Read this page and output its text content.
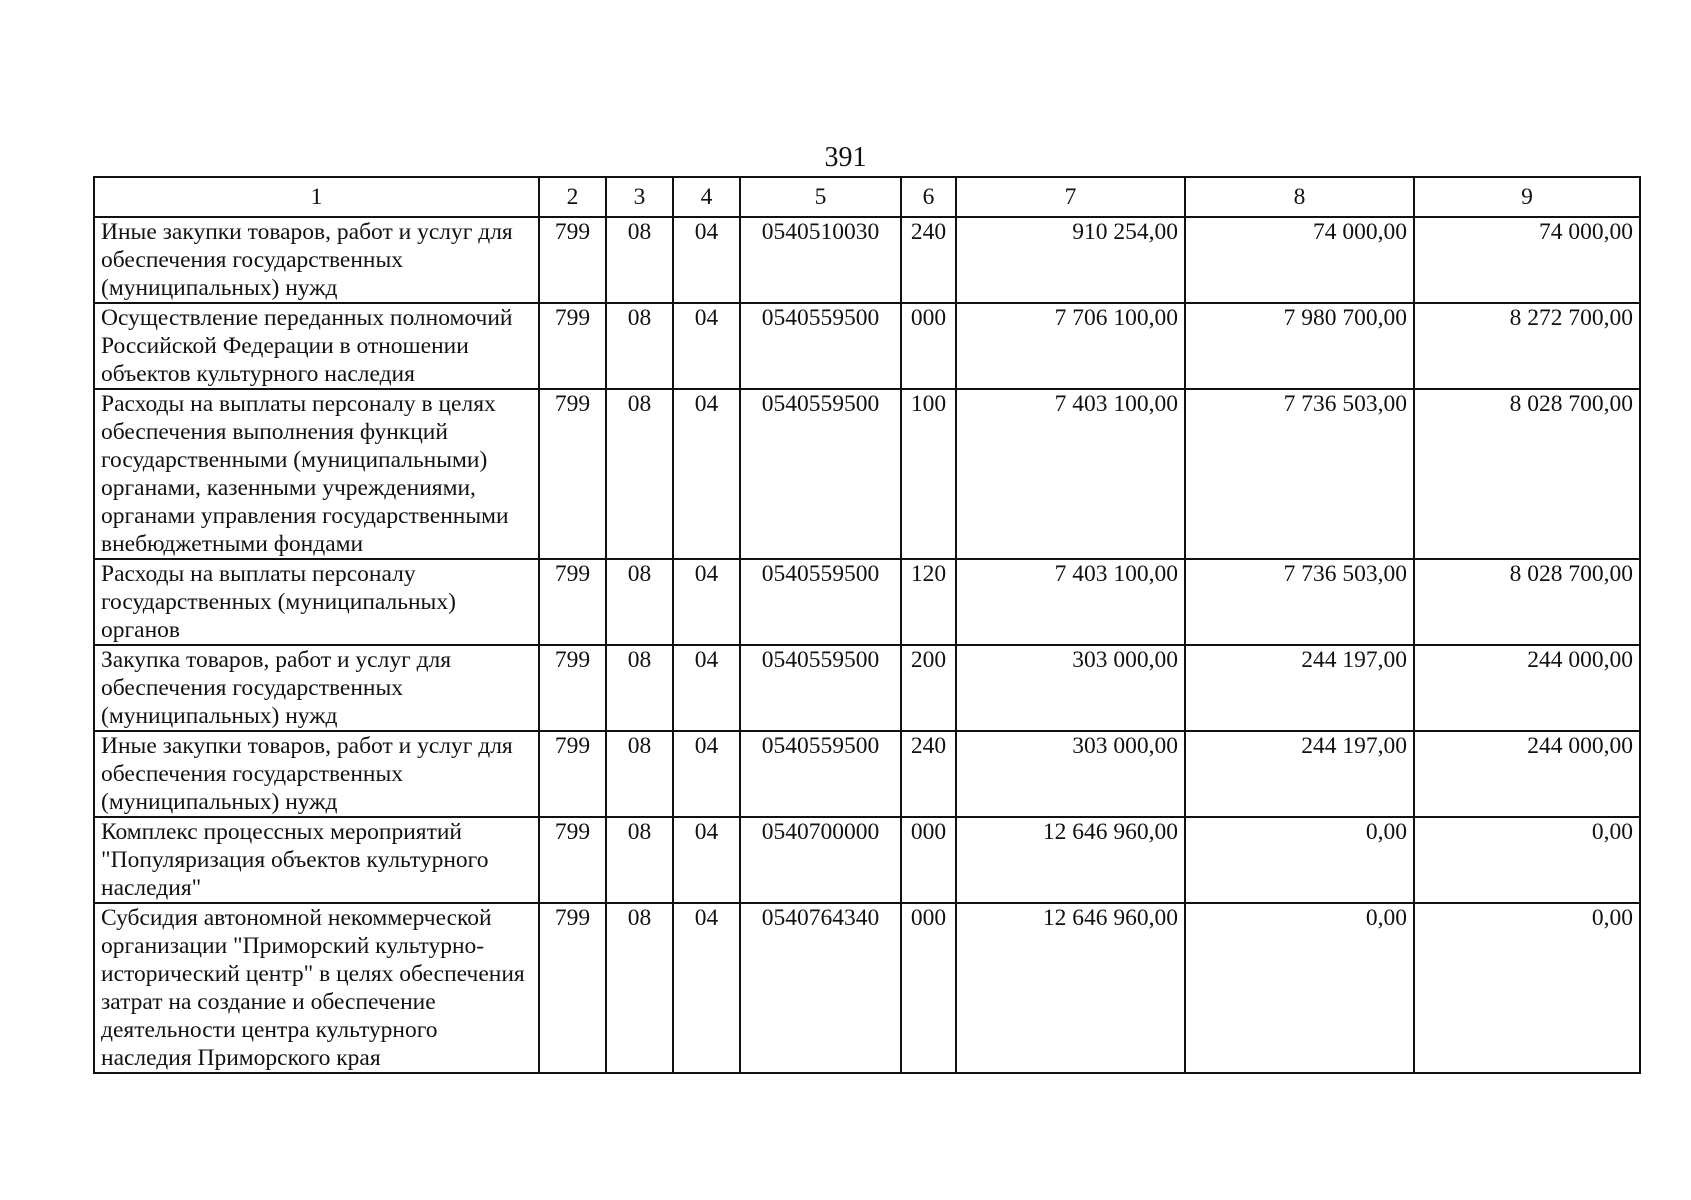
391
1	2	3	4	5	6	7	8	9
Иные закупки товаров, работ и услуг для обеспечения государственных (муниципальных) нужд	799	08	04	0540510030	240	910 254,00	74 000,00	74 000,00
Осуществление переданных полномочий Российской Федерации в отношении объектов культурного наследия	799	08	04	0540559500	000	7 706 100,00	7 980 700,00	8 272 700,00
Расходы на выплаты персоналу в целях обеспечения выполнения функций государственными (муниципальными) органами, казенными учреждениями, органами управления государственными внебюджетными фондами	799	08	04	0540559500	100	7 403 100,00	7 736 503,00	8 028 700,00
Расходы на выплаты персоналу государственных (муниципальных) органов	799	08	04	0540559500	120	7 403 100,00	7 736 503,00	8 028 700,00
Закупка товаров, работ и услуг для обеспечения государственных (муниципальных) нужд	799	08	04	0540559500	200	303 000,00	244 197,00	244 000,00
Иные закупки товаров, работ и услуг для обеспечения государственных (муниципальных) нужд	799	08	04	0540559500	240	303 000,00	244 197,00	244 000,00
Комплекс процессных мероприятий "Популяризация объектов культурного наследия"	799	08	04	0540700000	000	12 646 960,00	0,00	0,00
Субсидия автономной некоммерческой организации "Приморский культурно-исторический центр" в целях обеспечения затрат на создание и обеспечение деятельности центра культурного наследия Приморского края	799	08	04	0540764340	000	12 646 960,00	0,00	0,00
